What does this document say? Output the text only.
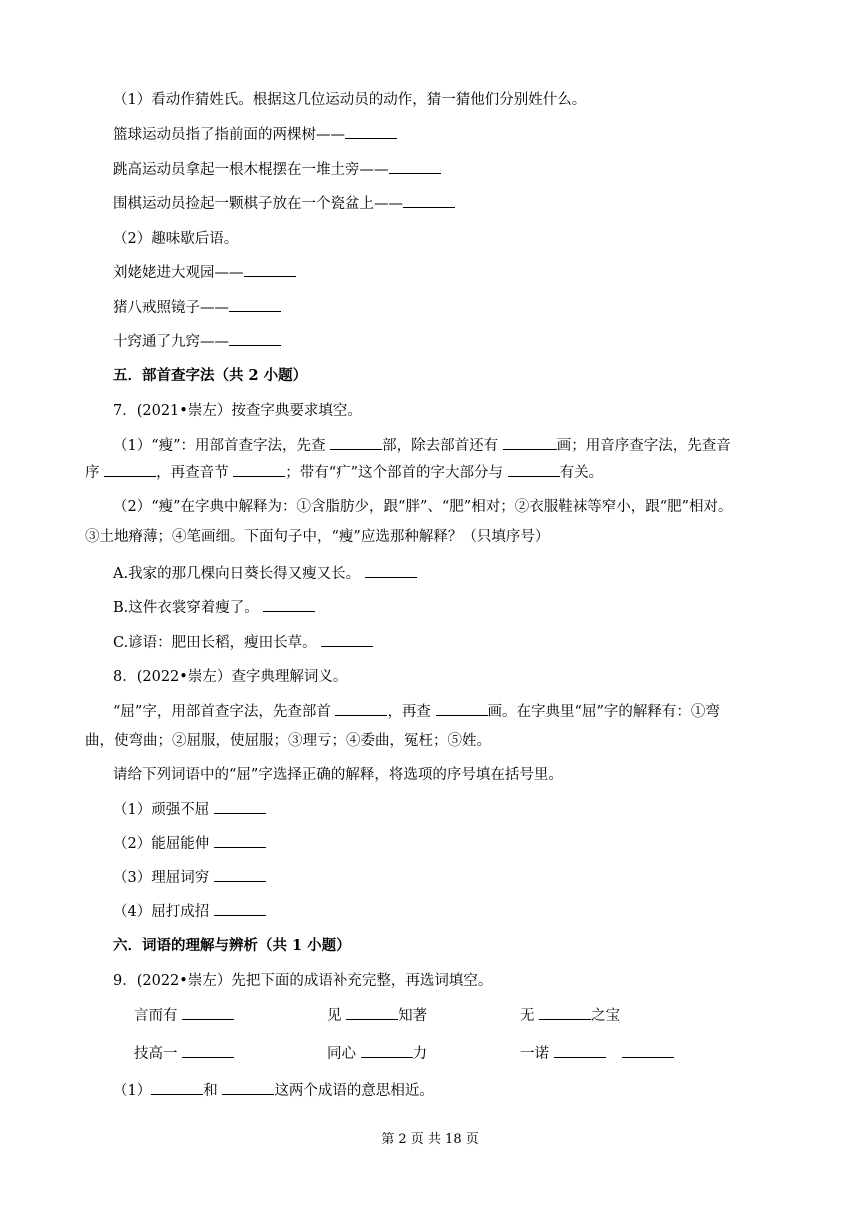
（1）看动作猜姓氏。根据这几位运动员的动作，猜一猜他们分别姓什么。
篮球运动员指了指前面的两棵树——
跳高运动员拿起一根木棍摆在一堆土旁——
围棋运动员捡起一颗棋子放在一个瓷盆上——
（2）趣味歇后语。
刘姥姥进大观园——
猪八戒照镜子——
十窍通了九窍——
五．部首查字法（共 2 小题）
7．(2021•崇左）按查字典要求填空。
（1）“瘦”：用部首查字法，先查	部，除去部首还有	画；用音序查字法，先查音
序	，再查音节	；带有“疒”这个部首的字大部分与	有关。
（2）“瘦”在字典中解释为：①含脂肪少，跟“胖”、“肥”相对；②衣服鞋袜等窄小，跟“肥”相对。
③土地瘠薄；④笔画细。下面句子中，“瘦”应选那种解释？（只填序号）
A.我家的那几棵向日葵长得又瘦又长。
B.这件衣裳穿着瘦了。
C.谚语：肥田长稻，瘦田长草。
8．(2022•崇左）查字典理解词义。
“屈”字，用部首查字法，先查部首	，再查	画。在字典里“屈”字的解释有：①弯
曲，使弯曲；②屈服，使屈服；③理亏；④委曲，冤枉；⑤姓。
请给下列词语中的“屈”字选择正确的解释，将选项的序号填在括号里。
（1）顽强不屈
（2）能屈能伸
（3）理屈词穷
（4）屈打成招
六．词语的理解与辨析（共 1 小题）
9．(2022•崇左）先把下面的成语补充完整，再选词填空。
言而有	见	知著	无	之宝
技高一	同心	力	一诺
（1）	和	这两个成语的意思相近。
第 2 页 共 18 页
